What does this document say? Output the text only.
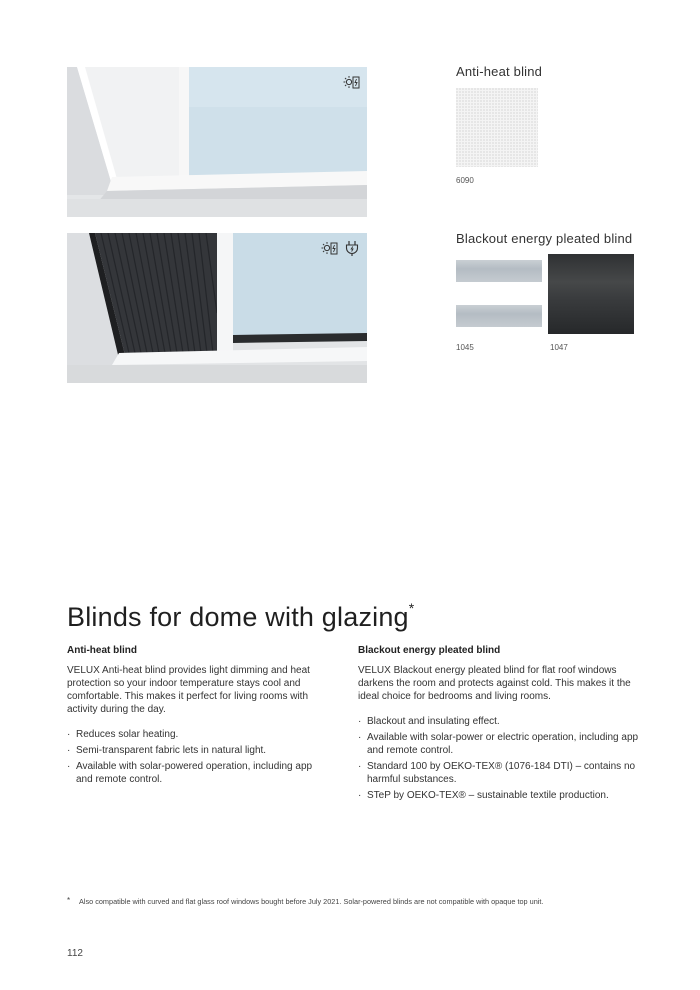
Anti-heat blind
6090
Blackout energy pleated blind
1045	1047
Blinds for dome with glazing*
Anti-heat blind
VELUX Anti-heat blind provides light dimming and heat protection so your indoor temperature stays cool and comfortable. This makes it perfect for living rooms with activity during the day.
· Reduces solar heating.
· Semi-transparent fabric lets in natural light.
· Available with solar-powered operation, including app and remote control.
Blackout energy pleated blind
VELUX Blackout energy pleated blind for flat roof windows darkens the room and protects against cold. This makes it the ideal choice for bedrooms and living rooms.
· Blackout and insulating effect.
· Available with solar-power or electric operation, including app and remote control.
· Standard 100 by OEKO-TEX® (1076-184 DTI) – contains no harmful substances.
· STeP by OEKO-TEX® – sustainable textile production.
* Also compatible with curved and flat glass roof windows bought before July 2021. Solar-powered blinds are not compatible with opaque top unit.
112
